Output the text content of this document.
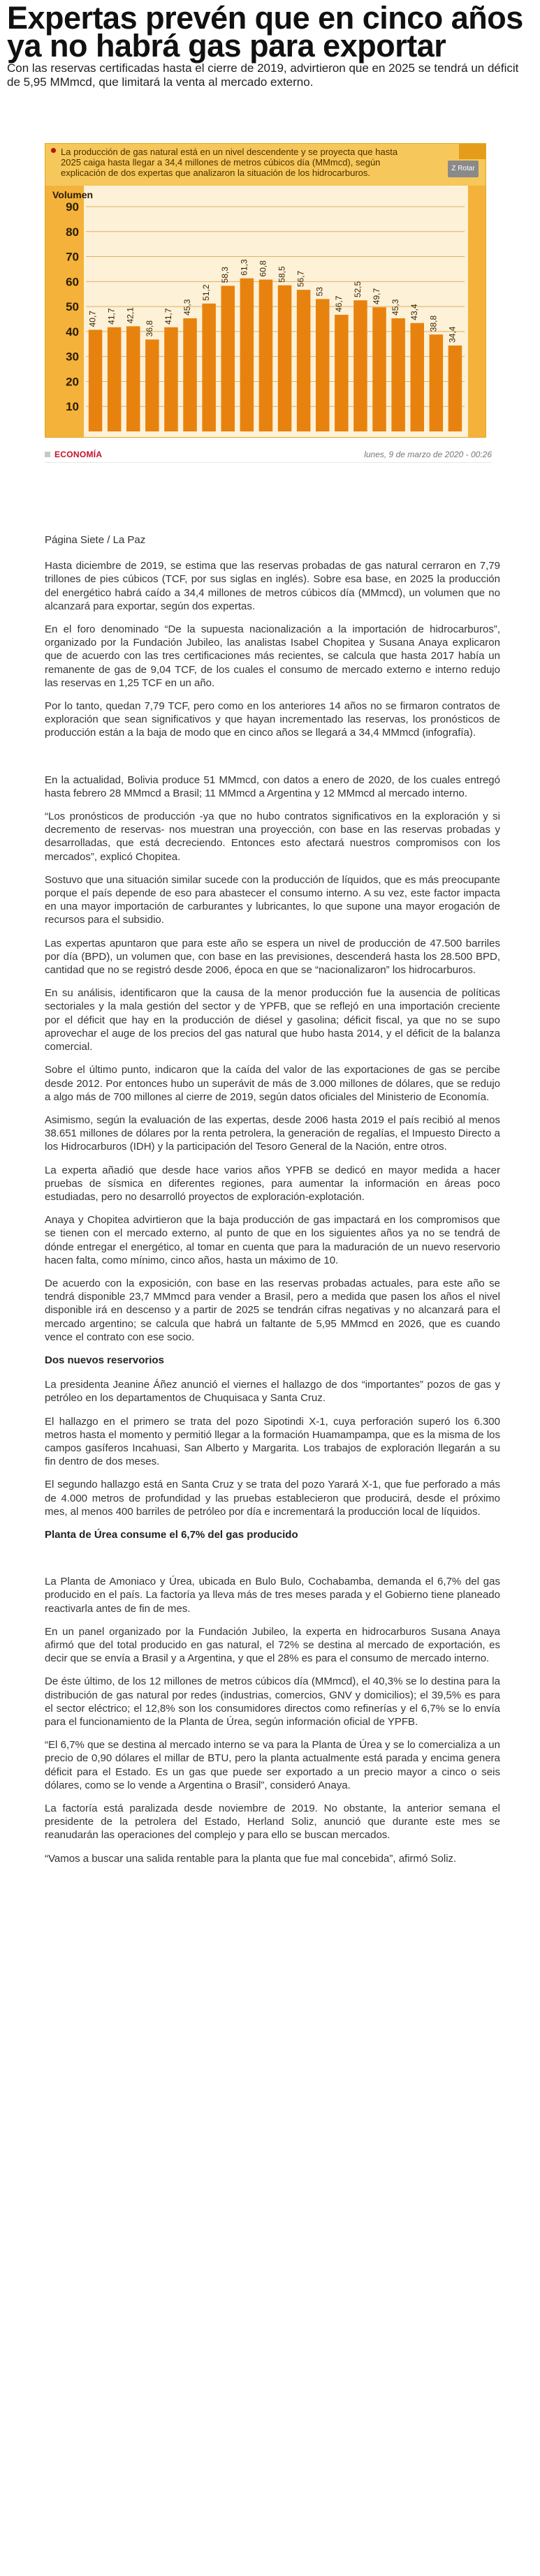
Expertas prevén que en cinco años ya no habrá gas para exportar

Con las reservas certificadas hasta el cierre de 2019, advirtieron que en 2025 se tendrá un déficit de 5,95 MMmcd, que limitará la venta al mercado externo.

La producción de gas natural está en un nivel descendente y se proyecta que hasta 2025 caiga hasta llegar a 34,4 millones de metros cúbicos día (MMmcd), según explicación de dos expertas que analizaron la situación de los hidrocarburos.	Z Rotar
Volumen
10
20
30
40
50
60
70
80
90
40,7 41,7 42,1
36,8
41,7
45,3
51,2
58,3 61,3 60,8 58,5 56,7
53
46,7
52,5 49,7
45,3 43,4
38,8
34,4
ECONOMÍA	lunes, 9 de marzo de 2020 - 00:26

Página Siete / La Paz

Hasta diciembre de 2019, se estima que las reservas probadas de gas natural cerraron en 7,79 trillones de pies cúbicos (TCF, por sus siglas en inglés). Sobre esa base, en 2025 la producción del energético habrá caído a 34,4 millones de metros cúbicos día (MMmcd), un volumen que no alcanzará para exportar, según dos expertas.

En el foro denominado “De la supuesta nacionalización a la importación de hidrocarburos”, organizado por la Fundación Jubileo, las analistas Isabel Chopitea y Susana Anaya explicaron que de acuerdo con las tres certificaciones más recientes, se calcula que hasta 2017 había un remanente de gas de 9,04 TCF, de los cuales el consumo de mercado externo e interno redujo las reservas en 1,25 TCF en un año.

Por lo tanto, quedan 7,79 TCF, pero como en los anteriores 14 años no se firmaron contratos de exploración que sean significativos y que hayan incrementado las reservas, los pronósticos de producción están a la baja de modo que en cinco años se llegará a 34,4 MMmcd (infografía).

En la actualidad, Bolivia produce 51 MMmcd, con datos a enero de 2020, de los cuales entregó hasta febrero 28 MMmcd a Brasil; 11 MMmcd a Argentina y 12 MMmcd al mercado interno.

“Los pronósticos de producción -ya que no hubo contratos significativos en la exploración y si decremento de reservas- nos muestran una proyección, con base en las reservas probadas y desarrolladas, que está decreciendo. Entonces esto afectará nuestros compromisos con los mercados”, explicó Chopitea.

Sostuvo que una situación similar sucede con la producción de líquidos, que es más preocupante porque el país depende de eso para abastecer el consumo interno. A su vez, este factor impacta en una mayor importación de carburantes y lubricantes, lo que supone una mayor erogación de recursos para el subsidio.

Las expertas apuntaron que para este año se espera un nivel de producción de 47.500 barriles por día (BPD), un volumen que, con base en las previsiones, descenderá hasta los 28.500 BPD, cantidad que no se registró desde 2006, época en que se “nacionalizaron” los hidrocarburos.

En su análisis, identificaron que la causa de la menor producción fue la ausencia de políticas sectoriales y la mala gestión del sector y de YPFB, que se reflejó en una importación creciente por el déficit que hay en la producción de diésel y gasolina; déficit fiscal, ya que no se supo aprovechar el auge de los precios del gas natural que hubo hasta 2014, y el déficit de la balanza comercial.

Sobre el último punto, indicaron que la caída del valor de las exportaciones de gas se percibe desde 2012. Por entonces hubo un superávit de más de 3.000 millones de dólares, que se redujo a algo más de 700 millones al cierre de 2019, según datos oficiales del Ministerio de Economía.

Asimismo, según la evaluación de las expertas, desde 2006 hasta 2019 el país recibió al menos 38.651 millones de dólares por la renta petrolera, la generación de regalías, el Impuesto Directo a los Hidrocarburos (IDH) y la participación del Tesoro General de la Nación, entre otros.

La experta añadió que desde hace varios años YPFB se dedicó en mayor medida a hacer pruebas de sísmica en diferentes regiones, para aumentar la información en áreas poco estudiadas, pero no desarrolló proyectos de exploración-explotación.

Anaya y Chopitea advirtieron que la baja producción de gas impactará en los compromisos que se tienen con el mercado externo, al punto de que en los siguientes años ya no se tendrá de dónde entregar el energético, al tomar en cuenta que para la maduración de un nuevo reservorio hacen falta, como mínimo, cinco años, hasta un máximo de 10.

De acuerdo con la exposición, con base en las reservas probadas actuales, para este año se tendrá disponible 23,7 MMmcd para vender a Brasil, pero a medida que pasen los años el nivel disponible irá en descenso y a partir de 2025 se tendrán cifras negativas y no alcanzará para el mercado argentino; se calcula que habrá un faltante de 5,95 MMmcd en 2026, que es cuando vence el contrato con ese socio.

Dos nuevos reservorios

La presidenta Jeanine Áñez anunció el viernes el hallazgo de dos “importantes” pozos de gas y petróleo en los departamentos de Chuquisaca y Santa Cruz.

El hallazgo en el primero se trata del pozo Sipotindi X-1, cuya perforación superó los 6.300 metros hasta el momento y permitió llegar a la formación Huamampampa, que es la misma de los campos gasíferos Incahuasi, San Alberto y Margarita. Los trabajos de exploración llegarán a su fin dentro de dos meses.

El segundo hallazgo está en Santa Cruz y se trata del pozo Yarará X-1, que fue perforado a más de 4.000 metros de profundidad y las pruebas establecieron que producirá, desde el próximo mes, al menos 400 barriles de petróleo por día e incrementará la producción local de líquidos.

Planta de Úrea consume el 6,7% del gas producido

La Planta de Amoniaco y Úrea, ubicada en Bulo Bulo, Cochabamba, demanda el 6,7% del gas producido en el país. La factoría ya lleva más de tres meses parada y el Gobierno tiene planeado reactivarla antes de fin de mes.

En un panel organizado por la Fundación Jubileo, la experta en hidrocarburos Susana Anaya afirmó que del total producido en gas natural, el 72% se destina al mercado de exportación, es decir que se envía a Brasil y a Argentina, y que el 28% es para el consumo de mercado interno.

De éste último, de los 12 millones de metros cúbicos día (MMmcd), el 40,3% se lo destina para la distribución de gas natural por redes (industrias, comercios, GNV y domicilios); el 39,5% es para el sector eléctrico; el 12,8% son los consumidores directos como refinerías y el 6,7% se lo envía para el funcionamiento de la Planta de Úrea, según información oficial de YPFB.

“El 6,7% que se destina al mercado interno se va para la Planta de Úrea y se lo comercializa a un precio de 0,90 dólares el millar de BTU, pero la planta actualmente está parada y encima genera déficit para el Estado. Es un gas que puede ser exportado a un precio mayor a cinco o seis dólares, como se lo vende a Argentina o Brasil”, consideró Anaya.

La factoría está paralizada desde noviembre de 2019. No obstante, la anterior semana el presidente de la petrolera del Estado, Herland Soliz, anunció que durante este mes se reanudarán las operaciones del complejo y para ello se buscan mercados.

“Vamos a buscar una salida rentable para la planta que fue mal concebida”, afirmó Soliz.
